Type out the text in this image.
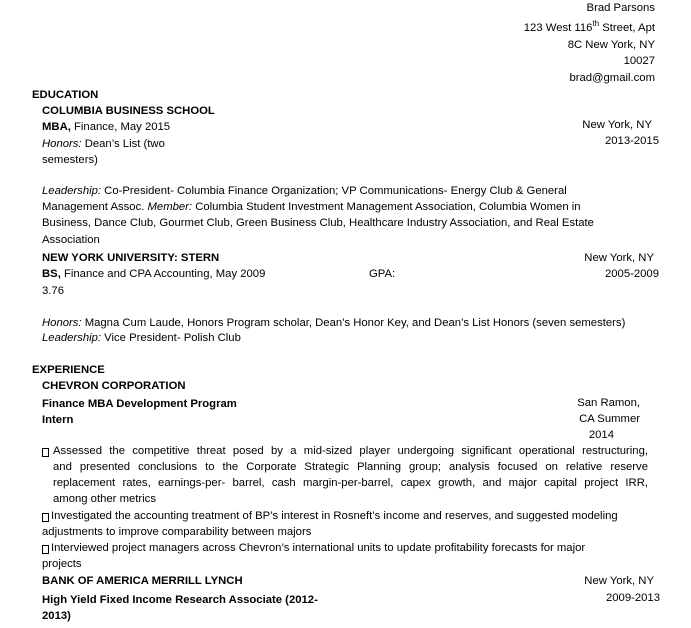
Brad Parsons
123 West 116th Street, Apt
8C New York, NY
10027
brad@gmail.com
EDUCATION
COLUMBIA BUSINESS SCHOOL
MBA, Finance, May 2015	New York, NY
2013-2015
Honors: Dean’s List (two
semesters)
Leadership: Co-President- Columbia Finance Organization; VP Communications- Energy Club & General
Management Assoc. Member: Columbia Student Investment Management Association, Columbia Women in
Business, Dance Club, Gourmet Club, Green Business Club, Healthcare Industry Association, and Real Estate
Association
NEW YORK UNIVERSITY: STERN	New York, NY
BS, Finance and CPA Accounting, May 2009	GPA:	2005-2009
3.76
Honors: Magna Cum Laude, Honors Program scholar, Dean’s Honor Key, and Dean’s List Honors (seven semesters)
Leadership: Vice President- Polish Club
EXPERIENCE
CHEVRON CORPORATION
Finance MBA Development Program
Intern
San Ramon,
CA Summer
2014
Assessed the competitive threat posed by a mid-sized player undergoing significant operational restructuring,
and presented conclusions to the Corporate Strategic Planning group; analysis focused on relative reserve
replacement rates, earnings-per- barrel, cash margin-per-barrel, capex growth, and major capital project IRR,
among other metrics
Investigated the accounting treatment of BP’s interest in Rosneft’s income and reserves, and suggested modeling
adjustments to improve comparability between majors
Interviewed project managers across Chevron’s international units to update profitability forecasts for major
projects
BANK OF AMERICA MERRILL LYNCH	New York, NY
High Yield Fixed Income Research Associate (2012-	2009-2013
2013)
